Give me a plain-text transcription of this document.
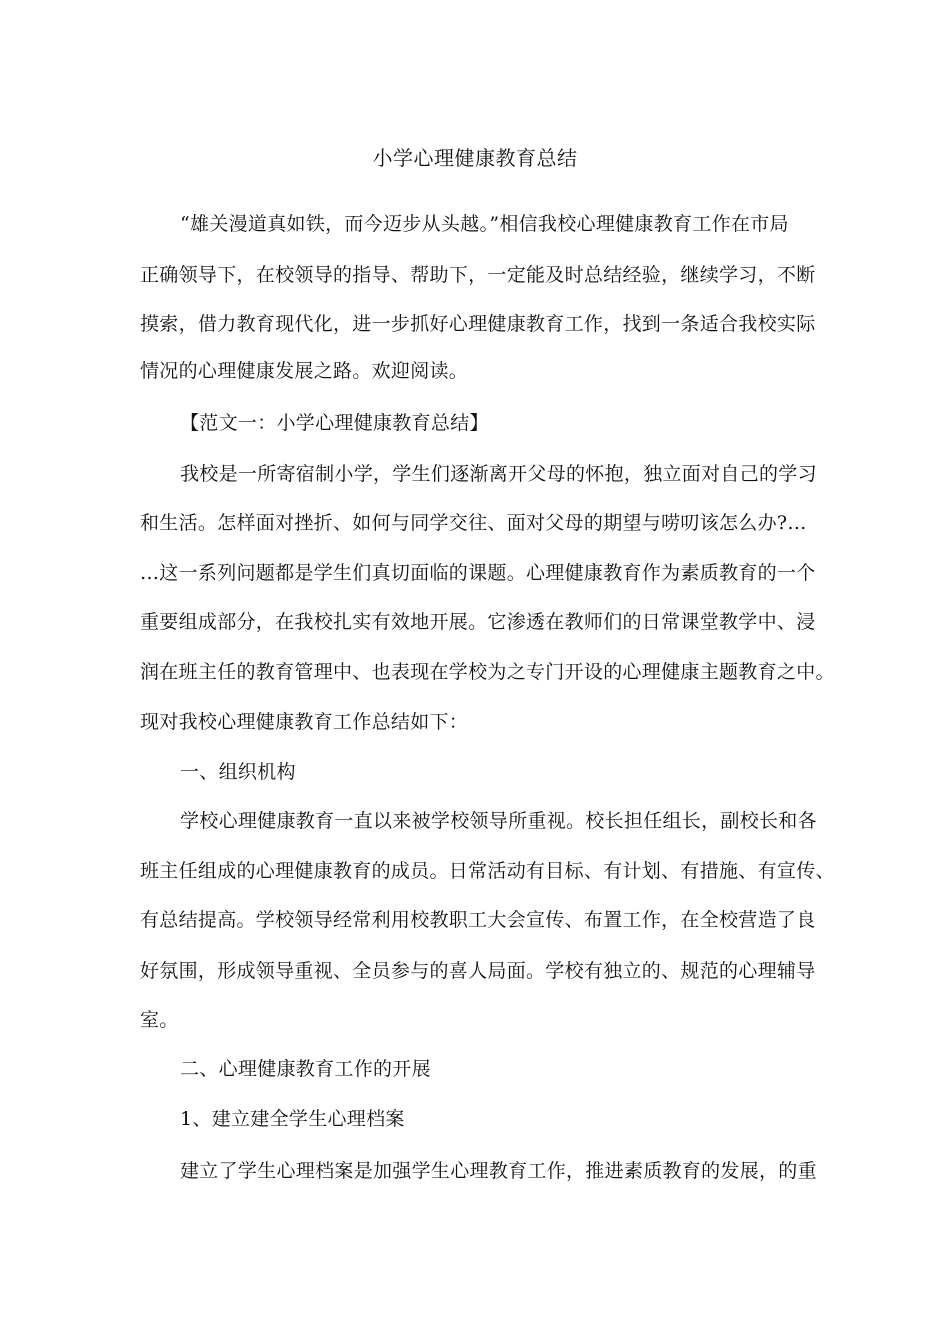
小学心理健康教育总结
“雄关漫道真如铁，而今迈步从头越。”相信我校心理健康教育工作在市局
正确领导下，在校领导的指导、帮助下，一定能及时总结经验，继续学习，不断
摸索，借力教育现代化，进一步抓好心理健康教育工作，找到一条适合我校实际
情况的心理健康发展之路。欢迎阅读。
【范文一：小学心理健康教育总结】
我校是一所寄宿制小学，学生们逐渐离开父母的怀抱，独立面对自己的学习
和生活。怎样面对挫折、如何与同学交往、面对父母的期望与唠叨该怎么办?…
…这一系列问题都是学生们真切面临的课题。心理健康教育作为素质教育的一个
重要组成部分，在我校扎实有效地开展。它渗透在教师们的日常课堂教学中、浸
润在班主任的教育管理中、也表现在学校为之专门开设的心理健康主题教育之中。
现对我校心理健康教育工作总结如下：
一、组织机构
学校心理健康教育一直以来被学校领导所重视。校长担任组长，副校长和各
班主任组成的心理健康教育的成员。日常活动有目标、有计划、有措施、有宣传、
有总结提高。学校领导经常利用校教职工大会宣传、布置工作，在全校营造了良
好氛围，形成领导重视、全员参与的喜人局面。学校有独立的、规范的心理辅导
室。
二、心理健康教育工作的开展
1、建立建全学生心理档案
建立了学生心理档案是加强学生心理教育工作，推进素质教育的发展，的重
